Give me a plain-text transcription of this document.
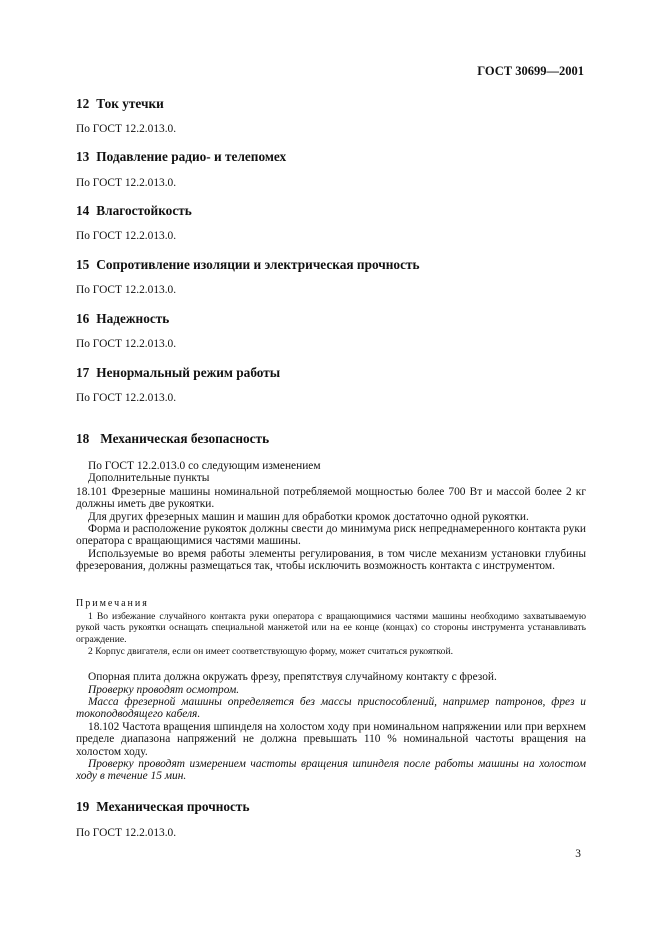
ГОСТ 30699—2001
12 Ток утечки
По ГОСТ 12.2.013.0.
13 Подавление радио- и телепомех
По ГОСТ 12.2.013.0.
14 Влагостойкость
По ГОСТ 12.2.013.0.
15 Сопротивление изоляции и электрическая прочность
По ГОСТ 12.2.013.0.
16 Надежность
По ГОСТ 12.2.013.0.
17 Ненормальный режим работы
По ГОСТ 12.2.013.0.
18 Механическая безопасность
По ГОСТ 12.2.013.0 со следующим изменением
Дополнительные пункты
18.101 Фрезерные машины номинальной потребляемой мощностью более 700 Вт и массой более 2 кг должны иметь две рукоятки.
Для других фрезерных машин и машин для обработки кромок достаточно одной рукоятки.
Форма и расположение рукояток должны свести до минимума риск непреднамеренного контакта руки оператора с вращающимися частями машины.
Используемые во время работы элементы регулирования, в том числе механизм установки глубины фрезерования, должны размещаться так, чтобы исключить возможность контакта с инструментом.
Примечания
1 Во избежание случайного контакта руки оператора с вращающимися частями машины необходимо захватываемую рукой часть рукоятки оснащать специальной манжетой или на ее конце (концах) со стороны инструмента устанавливать ограждение.
2 Корпус двигателя, если он имеет соответствующую форму, может считаться рукояткой.
Опорная плита должна окружать фрезу, препятствуя случайному контакту с фрезой.
Проверку проводят осмотром.
Масса фрезерной машины определяется без массы приспособлений, например патронов, фрез и токоподводящего кабеля.
18.102 Частота вращения шпинделя на холостом ходу при номинальном напряжении или при верхнем пределе диапазона напряжений не должна превышать 110 % номинальной частоты вращения на холостом ходу.
Проверку проводят измерением частоты вращения шпинделя после работы машины на холостом ходу в течение 15 мин.
19 Механическая прочность
По ГОСТ 12.2.013.0.
3
